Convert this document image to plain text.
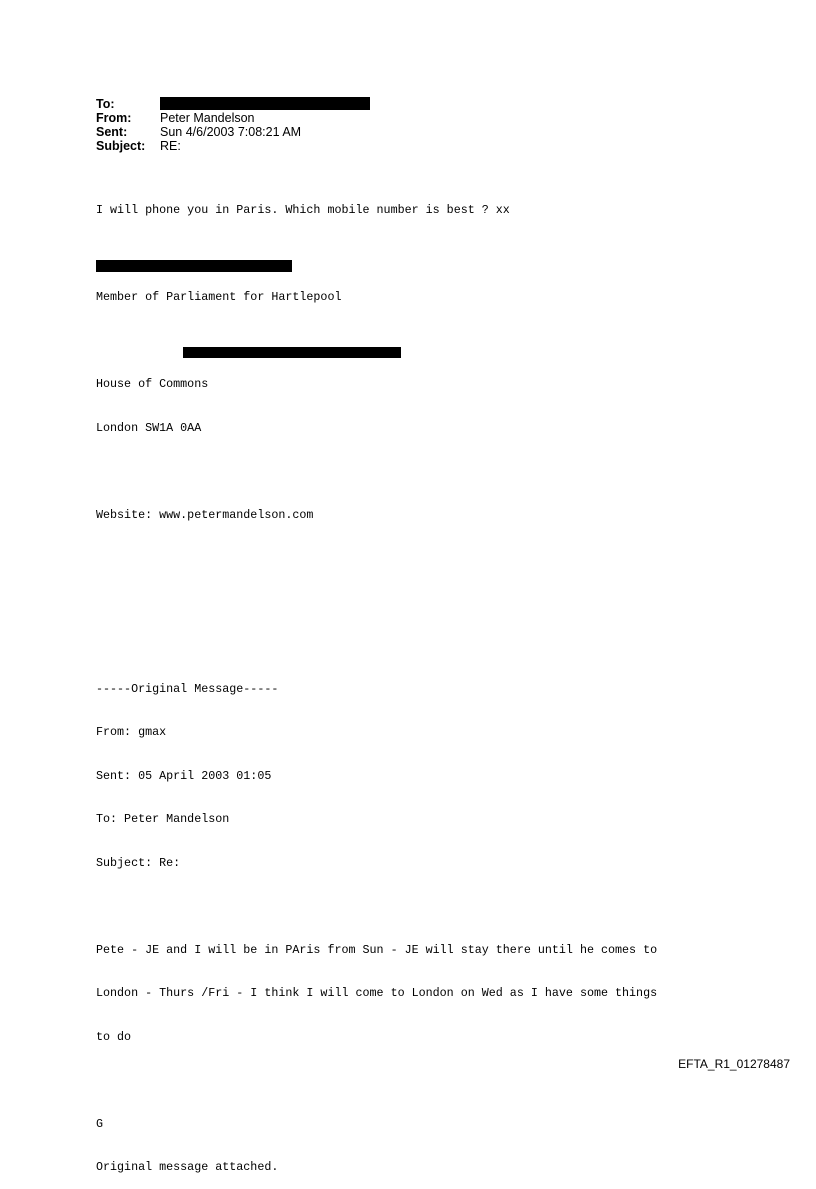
To:
From:	Peter Mandelson
Sent:	Sun 4/6/2003 7:08:21 AM
Subject:	RE:

I will phone you in Paris. Which mobile number is best ? xx

Member of Parliament for Hartlepool

House of Commons

London SW1A 0AA

Website: www.petermandelson.com

-----Original Message-----

From: gmax

Sent: 05 April 2003 01:05

To: Peter Mandelson

Subject: Re:

Pete - JE and I will be in PAris from Sun - JE will stay there until he comes to

London - Thurs /Fri - I think I will come to London on Wed as I have some things

to do

G

Original message attached.

EFTA_R1_01278487
